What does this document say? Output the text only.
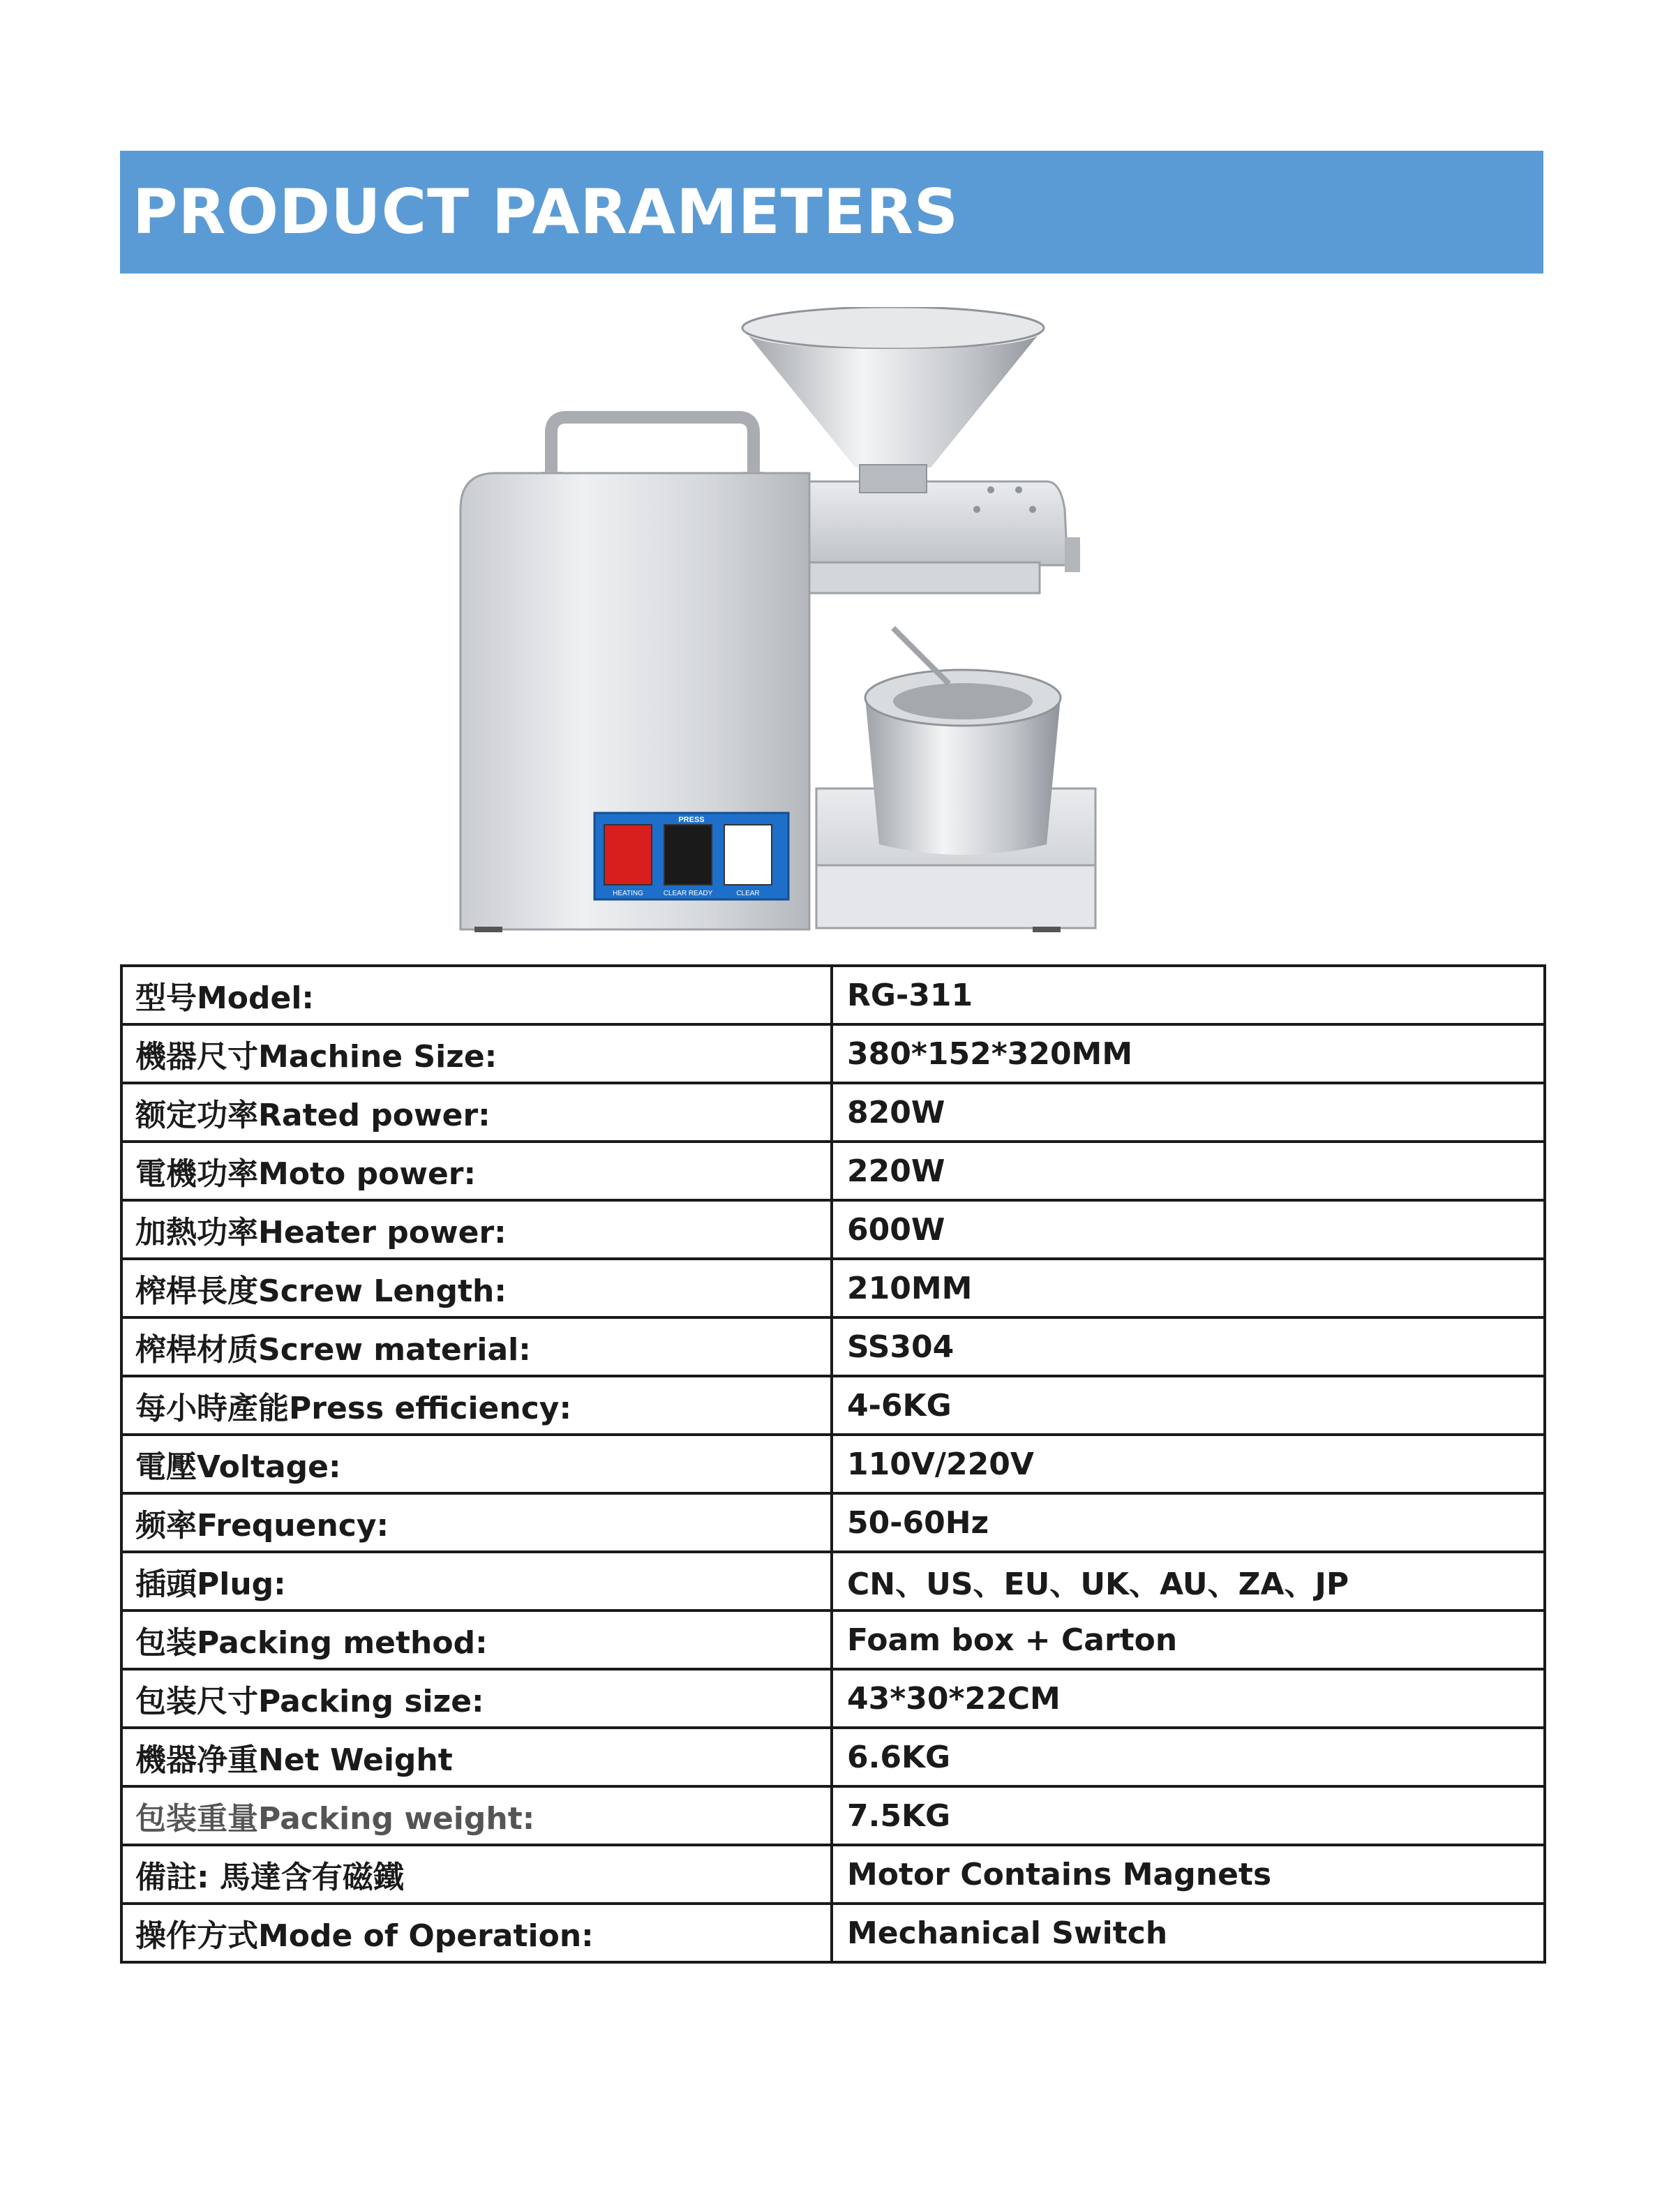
PRODUCT PARAMETERS
PRESS
HEATING	CLEAR READY	CLEAR
型号Model:	RG-311
機器尺寸Machine Size:	380*152*320MM
额定功率Rated power:	820W
電機功率Moto power:	220W
加熱功率Heater power:	600W
榨桿長度Screw Length:	210MM
榨桿材质Screw material:	SS304
每小時產能Press efficiency:	4-6KG
電壓Voltage:	110V/220V
频率Frequency:	50-60Hz
插頭Plug:	CN、US、EU、UK、AU、ZA、JP
包装Packing method:	Foam box + Carton
包装尺寸Packing size:	43*30*22CM
機器净重Net Weight	6.6KG
包装重量Packing weight:	7.5KG
備註: 馬達含有磁鐵	Motor Contains Magnets
操作方式Mode of Operation:	Mechanical Switch
